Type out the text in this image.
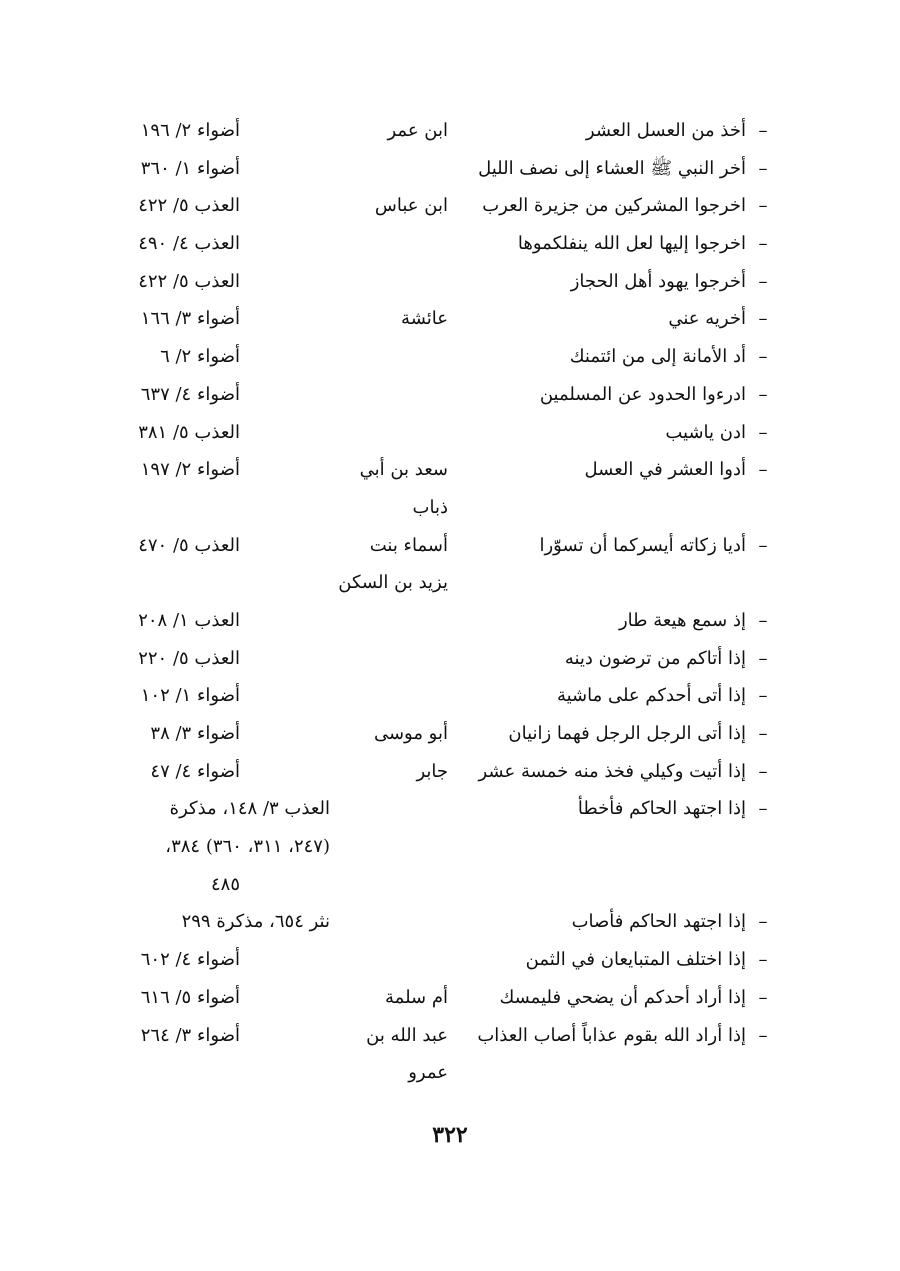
–
أخذ من العسل العشر
ابن عمر
أضواء ٢/ ١٩٦
–
أخر النبي ﷺ العشاء إلى نصف الليل
أضواء ١/ ٣٦٠
–
اخرجوا المشركين من جزيرة العرب
ابن عباس
العذب ٥/ ٤٢٢
–
اخرجوا إليها لعل الله ينفلكموها
العذب ٤/ ٤٩٠
–
أخرجوا يهود أهل الحجاز
العذب ٥/ ٤٢٢
–
أخريه عني
عائشة
أضواء ٣/ ١٦٦
–
أد الأمانة إلى من ائتمنك
أضواء ٢/ ٦
–
ادرءوا الحدود عن المسلمين
أضواء ٤/ ٦٣٧
–
ادن ياشيب
العذب ٥/ ٣٨١
–
أدوا العشر في العسل
سعد بن أبي
أضواء ٢/ ١٩٧
ذباب
–
أديا زكاته أيسركما أن تسوّرا
أسماء بنت
العذب ٥/ ٤٧٠
يزيد بن السكن
–
إذ سمع هيعة طار
العذب ١/ ٢٠٨
–
إذا أتاكم من ترضون دينه
العذب ٥/ ٢٢٠
–
إذا أتى أحدكم على ماشية
أضواء ١/ ١٠٢
–
إذا أتى الرجل الرجل فهما زانيان
أبو موسى
أضواء ٣/ ٣٨
–
إذا أتيت وكيلي فخذ منه خمسة عشر
جابر
أضواء ٤/ ٤٧
–
إذا اجتهد الحاكم فأخطأ
العذب ٣/ ١٤٨، مذكرة
(٢٤٧، ٣١١، ٣٦٠) ٣٨٤،
٤٨٥
–
إذا اجتهد الحاكم فأصاب
نثر ٦٥٤، مذكرة ٢٩٩
–
إذا اختلف المتبايعان في الثمن
أضواء ٤/ ٦٠٢
–
إذا أراد أحدكم أن يضحي فليمسك
أم سلمة
أضواء ٥/ ٦١٦
–
إذا أراد الله بقوم عذاباً أصاب العذاب
عبد الله بن
أضواء ٣/ ٢٦٤
عمرو
٣٢٢
